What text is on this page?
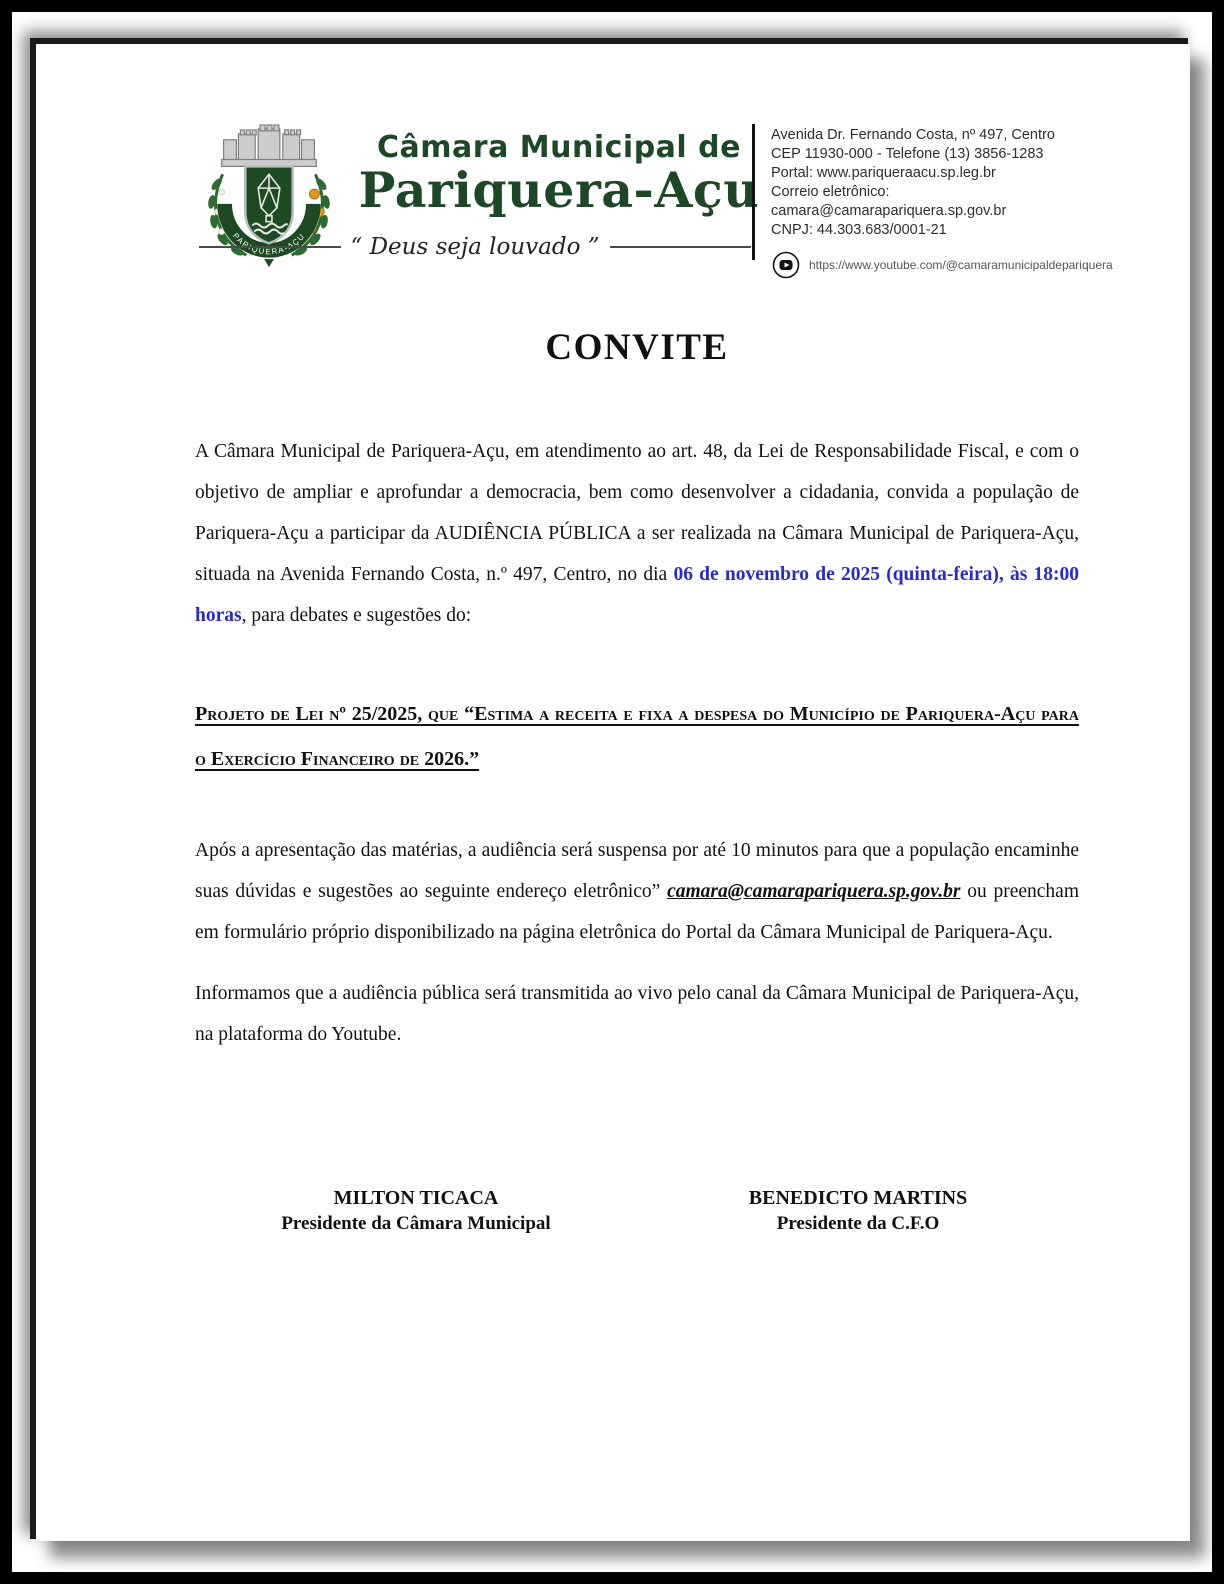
PARIQUERA-AÇU
Câmara Municipal de
Pariquera-Açu
“ Deus seja louvado ”
Avenida Dr. Fernando Costa, nº 497, Centro
CEP 11930-000 - Telefone (13) 3856-1283
Portal: www.pariqueraacu.sp.leg.br
Correio eletrônico: camara@camarapariquera.sp.gov.br
CNPJ: 44.303.683/0001-21
https://www.youtube.com/@camaramunicipaldepariquera
CONVITE

A Câmara Municipal de Pariquera-Açu, em atendimento ao art. 48, da Lei de Responsabilidade Fiscal, e com o objetivo de ampliar e aprofundar a democracia, bem como desenvolver a cidadania, convida a população de Pariquera-Açu a participar da AUDIÊNCIA PÚBLICA a ser realizada na Câmara Municipal de Pariquera-Açu, situada na Avenida Fernando Costa, n.º 497, Centro, no dia 06 de novembro de 2025 (quinta-feira), às 18:00 horas, para debates e sugestões do:

Projeto de Lei nº 25/2025, que “Estima a receita e fixa a despesa do Município de Pariquera-Açu para o Exercício Financeiro de 2026.”

Após a apresentação das matérias, a audiência será suspensa por até 10 minutos para que a população encaminhe suas dúvidas e sugestões ao seguinte endereço eletrônico” camara@camarapariquera.sp.gov.br ou preencham em formulário próprio disponibilizado na página eletrônica do Portal da Câmara Municipal de Pariquera-Açu.

Informamos que a audiência pública será transmitida ao vivo pelo canal da Câmara Municipal de Pariquera-Açu, na plataforma do Youtube.

MILTON TICACA
Presidente da Câmara Municipal
BENEDICTO MARTINS
Presidente da C.F.O
